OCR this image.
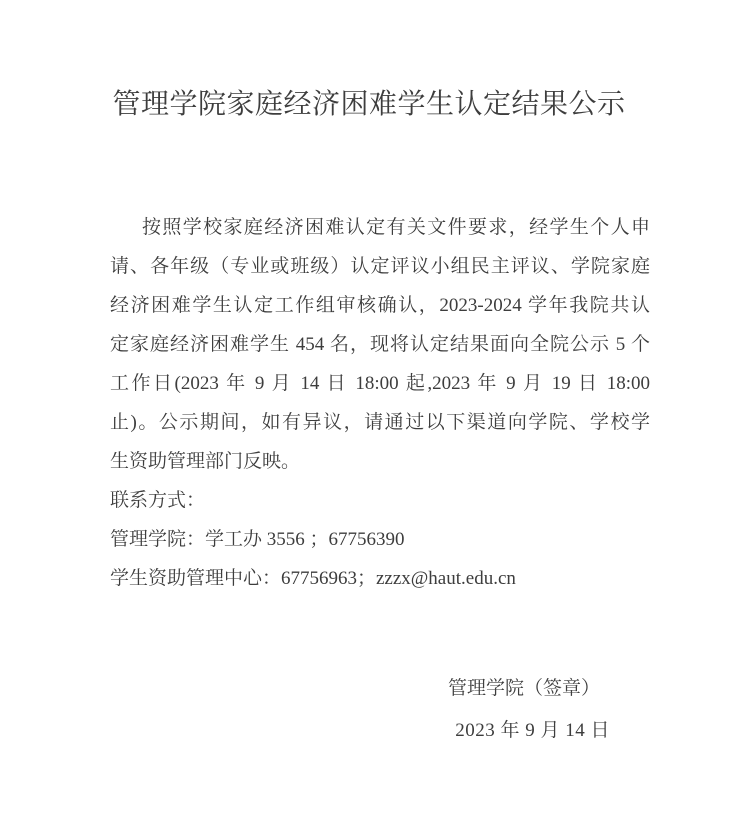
管理学院家庭经济困难学生认定结果公示
按照学校家庭经济困难认定有关文件要求，经学生个人申
请、各年级（专业或班级）认定评议小组民主评议、学院家庭
经济困难学生认定工作组审核确认，2023-2024 学年我院共认
定家庭经济困难学生 454 名，现将认定结果面向全院公示 5 个
工作日(2023 年 9 月 14 日 18:00 起,2023 年 9 月 19 日 18:00
止)。公示期间，如有异议，请通过以下渠道向学院、学校学
生资助管理部门反映。
联系方式：
管理学院：学工办 3556 ；67756390
学生资助管理中心：67756963；zzzx@haut.edu.cn
管理学院（签章）
2023 年 9 月 14 日
